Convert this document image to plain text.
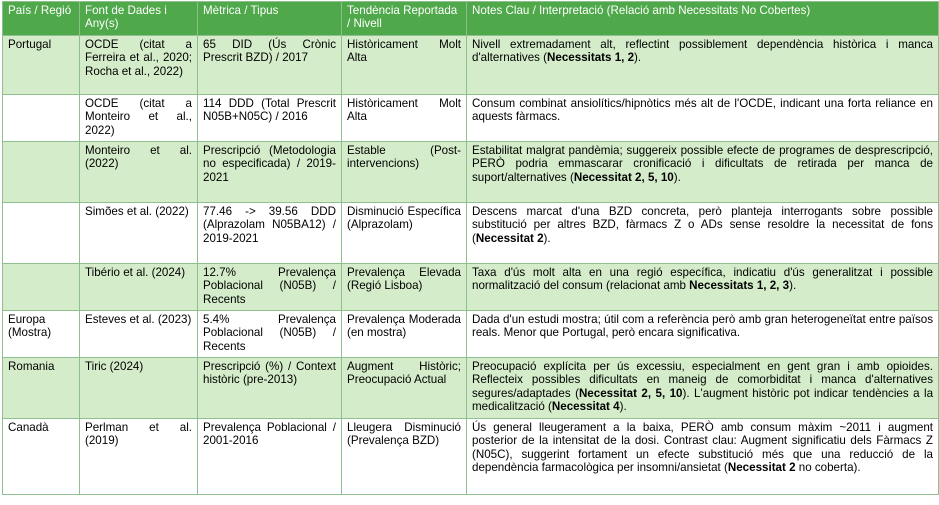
País / Regió	Font de Dades i Any(s)	Mètrica / Tipus	Tendència Reportada / Nivell	Notes Clau / Interpretació (Relació amb Necessitats No Cobertes)
Portugal	OCDE (citat a Ferreira et al., 2020; Rocha et al., 2022)	65 DID (Ús Crònic Prescrit BZD) / 2017	Històricament Molt Alta	Nivell extremadament alt, reflectint possiblement dependència històrica i manca d'alternatives (Necessitats 1, 2).
	OCDE (citat a Monteiro et al., 2022)	114 DDD (Total Prescrit N05B+N05C) / 2016	Històricament Molt Alta	Consum combinat ansiolítics/hipnòtics més alt de l'OCDE, indicant una forta reliance en aquests fàrmacs.
	Monteiro et al. (2022)	Prescripció (Metodologia no especificada) / 2019-2021	Estable (Post-intervencions)	Estabilitat malgrat pandèmia; suggereix possible efecte de programes de desprescripció, PERÒ podria emmascarar cronificació i dificultats de retirada per manca de suport/alternatives (Necessitat 2, 5, 10).
	Simões et al. (2022)	77.46 -> 39.56 DDD (Alprazolam N05BA12) / 2019-2021	Disminució Específica (Alprazolam)	Descens marcat d'una BZD concreta, però planteja interrogants sobre possible substitució per altres BZD, fàrmacs Z o ADs sense resoldre la necessitat de fons (Necessitat 2).
	Tibério et al. (2024)	12.7% Prevalença Poblacional (N05B) / Recents	Prevalença Elevada (Regió Lisboa)	Taxa d'ús molt alta en una regió específica, indicatiu d'ús generalitzat i possible normalització del consum (relacionat amb Necessitats 1, 2, 3).
Europa (Mostra)	Esteves et al. (2023)	5.4% Prevalença Poblacional (N05B) / Recents	Prevalença Moderada (en mostra)	Dada d'un estudi mostra; útil com a referència però amb gran heterogeneïtat entre països reals. Menor que Portugal, però encara significativa.
Romania	Tiric (2024)	Prescripció (%) / Context històric (pre-2013)	Augment Històric; Preocupació Actual	Preocupació explícita per ús excessiu, especialment en gent gran i amb opioides. Reflecteix possibles dificultats en maneig de comorbiditat i manca d'alternatives segures/adaptades (Necessitat 2, 5, 10). L'augment històric pot indicar tendències a la medicalització (Necessitat 4).
Canadà	Perlman et al. (2019)	Prevalença Poblacional / 2001-2016	Lleugera Disminució (Prevalença BZD)	Ús general lleugerament a la baixa, PERÒ amb consum màxim ~2011 i augment posterior de la intensitat de la dosi. Contrast clau: Augment significatiu dels Fàrmacs Z (N05C), suggerint fortament un efecte substitució més que una reducció de la dependència farmacològica per insomni/ansietat (Necessitat 2 no coberta).
